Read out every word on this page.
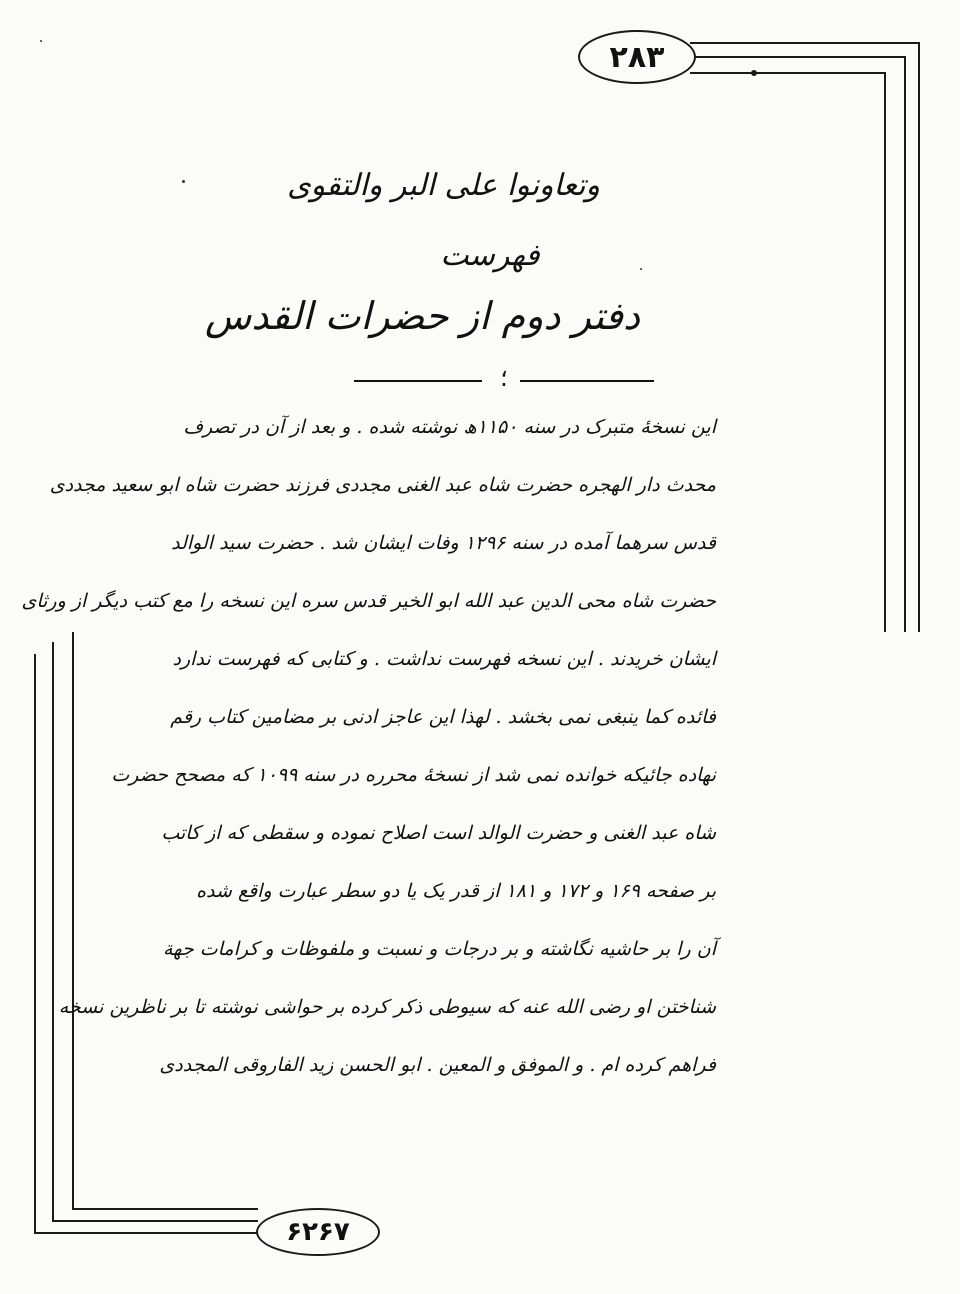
٢٨٣
۶٢۶٧
وتعاونوا على البر والتقوى
فهرست
دفتر دوم از حضرات القدس
؛
این نسخهٔ متبرک در سنه ۱۱۵۰ھ نوشته شده . و بعد از آن در تصرف
محدث دار الهجره حضرت شاه عبد الغنی مجددی فرزند حضرت شاه ابو سعید مجددی
قدس سرهما آمده در سنه ۱۲۹۶ وفات ایشان شد . حضرت سید الوالد
حضرت شاه محی الدین عبد الله ابو الخیر قدس سره این نسخه را مع کتب دیگر از ورثای
ایشان خریدند . این نسخه فهرست نداشت . و کتابی که فهرست ندارد
فائده کما ینبغی نمی بخشد . لهذا این عاجز ادنی بر مضامین کتاب رقم
نهاده جائیکه خوانده نمی شد از نسخهٔ محرره در سنه ۱۰۹۹ که مصحح حضرت
شاه عبد الغنی و حضرت الوالد است اصلاح نموده و سقطی که از کاتب
بر صفحه ۱۶۹ و ۱۷۲ و ۱۸۱ از قدر یک یا دو سطر عبارت واقع شده
آن را بر حاشیه نگاشته و بر درجات و نسبت و ملفوظات و کرامات جهة
شناختن او رضی الله عنه که سیوطی ذکر کرده بر حواشی نوشته تا بر ناظرین نسخه
فراهم کرده ام . و الموفق و المعین . ابو الحسن زید الفاروقی المجددی
